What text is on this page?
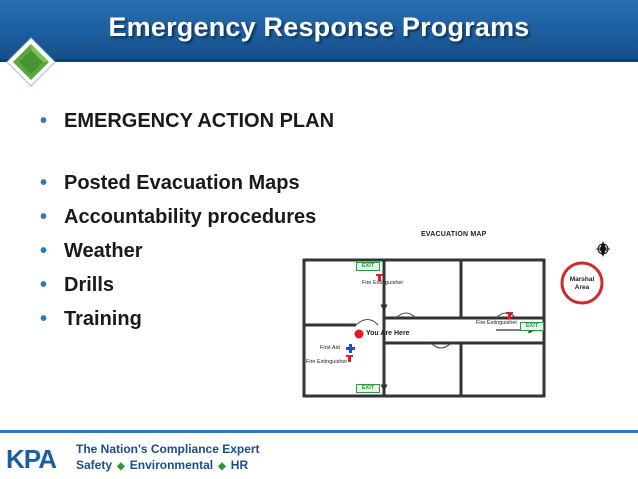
Emergency Response Programs
• EMERGENCY ACTION PLAN
• Posted Evacuation Maps
• Accountability procedures
• Weather
• Drills
• Training
EVACUATION MAP
EXIT
EXIT
EXIT
Fire Extinguisher
Fire Extinguisher
Fire Extinguisher
First Aid
You Are Here
Marshal Area
N
KPA The Nation's Compliance Expert
Safety ◆ Environmental ◆ HR
